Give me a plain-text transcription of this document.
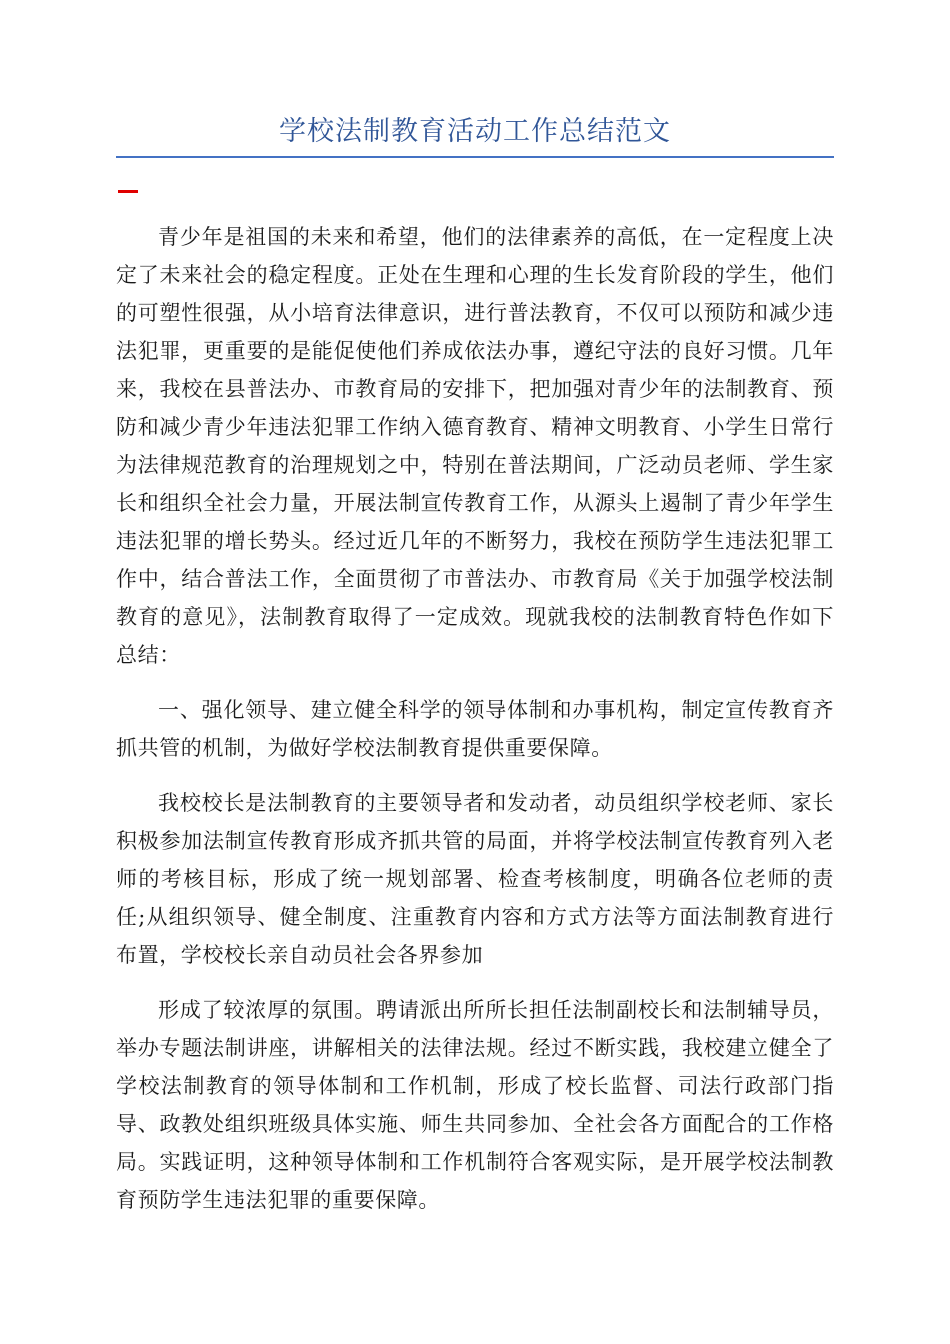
学校法制教育活动工作总结范文

青少年是祖国的未来和希望，他们的法律素养的高低，在一定程度上决定了未来社会的稳定程度。正处在生理和心理的生长发育阶段的学生，他们的可塑性很强，从小培育法律意识，进行普法教育，不仅可以预防和减少违法犯罪，更重要的是能促使他们养成依法办事，遵纪守法的良好习惯。几年来，我校在县普法办、市教育局的安排下，把加强对青少年的法制教育、预防和减少青少年违法犯罪工作纳入德育教育、精神文明教育、小学生日常行为法律规范教育的治理规划之中，特别在普法期间，广泛动员老师、学生家长和组织全社会力量，开展法制宣传教育工作，从源头上遏制了青少年学生违法犯罪的增长势头。经过近几年的不断努力，我校在预防学生违法犯罪工作中，结合普法工作，全面贯彻了市普法办、市教育局《关于加强学校法制教育的意见》，法制教育取得了一定成效。现就我校的法制教育特色作如下总结：

一、强化领导、建立健全科学的领导体制和办事机构，制定宣传教育齐抓共管的机制，为做好学校法制教育提供重要保障。

我校校长是法制教育的主要领导者和发动者，动员组织学校老师、家长积极参加法制宣传教育形成齐抓共管的局面，并将学校法制宣传教育列入老师的考核目标，形成了统一规划部署、检查考核制度，明确各位老师的责任;从组织领导、健全制度、注重教育内容和方式方法等方面法制教育进行布置，学校校长亲自动员社会各界参加

形成了较浓厚的氛围。聘请派出所所长担任法制副校长和法制辅导员，举办专题法制讲座，讲解相关的法律法规。经过不断实践，我校建立健全了学校法制教育的领导体制和工作机制，形成了校长监督、司法行政部门指导、政教处组织班级具体实施、师生共同参加、全社会各方面配合的工作格局。实践证明，这种领导体制和工作机制符合客观实际，是开展学校法制教育预防学生违法犯罪的重要保障。
